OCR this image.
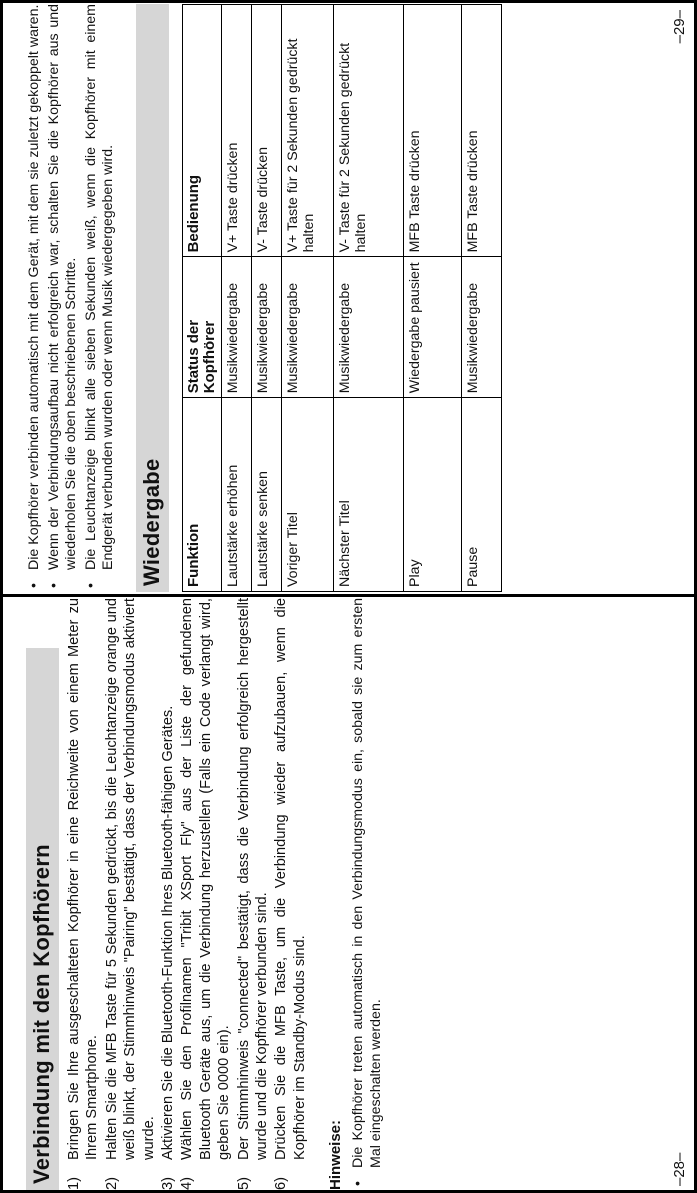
• Die Kopfhörer verbinden automatisch mit dem Gerät, mit dem sie zuletzt gekoppelt waren. • Wenn der Verbindungsaufbau nicht erfolgreich war, schalten Sie die Kopfhörer aus und wiederholen Sie die oben beschriebenen Schritte. • Die Leuchtanzeige blinkt alle sieben Sekunden weiß, wenn die Kopfhörer mit einem Endgerät verbunden wurden oder wenn Musik wiedergegeben wird. Wiedergabe	Funktion	Status der Kopfhörer	Bedienung
Lautstärke erhöhen	Musikwiedergabe	V+ Taste drücken
Lautstärke senken	Musikwiedergabe	V- Taste drücken
Voriger Titel	Musikwiedergabe	V+ Taste für 2 Sekunden gedrückt halten
Nächster Titel	Musikwiedergabe	V- Taste für 2 Sekunden gedrückt halten
Play	Wiedergabe pausiert	MFB Taste drücken
Pause	Musikwiedergabe	MFB Taste drücken
–29–
Verbindung mit den Kopfhörern 1)
Bringen Sie Ihre ausgeschalteten Kopfhörer in eine Reichweite von einem Meter zu Ihrem Smartphone.
2)
Halten Sie die MFB Taste für 5 Sekunden gedrückt, bis die Leuchtanzeige orange und weiß blinkt, der Stimmhinweis "Pairing" bestätigt, dass der Verbindungsmodus aktiviert wurde.
3)
Aktivieren Sie die Bluetooth-Funktion Ihres Bluetooth-fähigen Gerätes.
4)
Wählen Sie den Profilnamen "Tribit XSport Fly" aus der Liste der gefundenen Bluetooth Geräte aus, um die Verbindung herzustellen (Falls ein Code verlangt wird, geben Sie 0000 ein).
5)
Der Stimmhinweis "connected" bestätigt, dass die Verbindung erfolgreich hergestellt wurde und die Kopfhörer verbunden sind.
6)
Drücken Sie die MFB Taste, um die Verbindung wieder aufzubauen, wenn die Kopfhörer im Standby-Modus sind. Hinweise: • Die Kopfhörer treten automatisch in den Verbindungsmodus ein, sobald sie zum ersten Mal eingeschalten werden.
–28–
